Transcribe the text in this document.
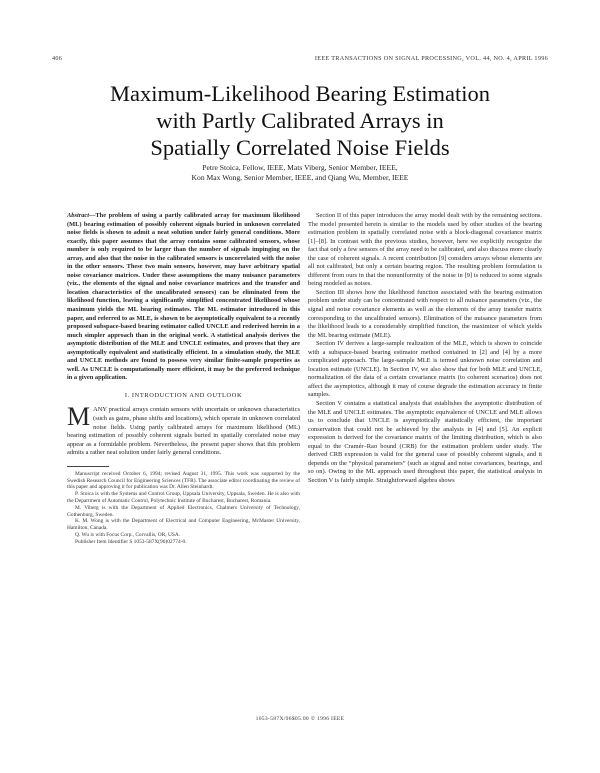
406	IEEE TRANSACTIONS ON SIGNAL PROCESSING, VOL. 44, NO. 4, APRIL 1996
Maximum-Likelihood Bearing Estimation
with Partly Calibrated Arrays in
Spatially Correlated Noise Fields
Petre Stoica, Fellow, IEEE, Mats Viberg, Senior Member, IEEE,
Kon Max Wong, Senior Member, IEEE, and Qiang Wu, Member, IEEE

Abstract—The problem of using a partly calibrated array for maximum likelihood (ML) bearing estimation of possibly coherent signals buried in unknown correlated noise fields is shown to admit a neat solution under fairly general conditions. More exactly, this paper assumes that the array contains some calibrated sensors, whose number is only required to be larger than the number of signals impinging on the array, and also that the noise in the calibrated sensors is uncorrelated with the noise in the other sensors. These two main sensors, however, may have arbitrary spatial noise covariance matrices. Under these assumptions the many nuisance parameters (viz., the elements of the signal and noise covariance matrices and the transfer and location characteristics of the uncalibrated sensors) can be eliminated from the likelihood function, leaving a significantly simplified concentrated likelihood whose maximum yields the ML bearing estimates. The ML estimator introduced in this paper, and referred to as MLE, is shown to be asymptotically equivalent to a recently proposed subspace-based bearing estimator called UNCLE and rederived herein in a much simpler approach than in the original work. A statistical analysis derives the asymptotic distribution of the MLE and UNCLE estimates, and proves that they are asymptotically equivalent and statistically efficient. In a simulation study, the MLE and UNCLE methods are found to possess very similar finite-sample properties as well. As UNCLE is computationally more efficient, it may be the preferred technique in a given application.

I. INTRODUCTION AND OUTLOOK

MANY practical arrays contain sensors with uncertain or unknown characteristics (such as gains, phase shifts and locations), which operate in unknown correlated noise fields. Using partly calibrated arrays for maximum likelihood (ML) bearing estimation of possibly coherent signals buried in spatially correlated noise may appear as a formidable problem. Nevertheless, the present paper shows that this problem admits a rather neat solution under fairly general conditions.

Manuscript received October 6, 1994; revised August 31, 1995. This work was supported by the Swedish Research Council for Engineering Sciences (TFR). The associate editor coordinating the review of this paper and approving it for publication was Dr. Allen Steinhardt.

P. Stoica is with the Systems and Control Group, Uppsala University, Uppsala, Sweden. He is also with the Department of Automatic Control, Polytechnic Institute of Bucharest, Bucharest, Romania.

M. Viberg is with the Department of Applied Electronics, Chalmers University of Technology, Gothenburg, Sweden.

K. M. Wong is with the Department of Electrical and Computer Engineering, McMaster University, Hamilton, Canada.

Q. Wu is with Focus Corp., Corvallis, OR, USA.

Publisher Item Identifier S 1053-587X(96)02774-0.

Section II of this paper introduces the array model dealt with by the remaining sections. The model presented herein is similar to the models used by other studies of the bearing estimation problem in spatially correlated noise with a block-diagonal covariance matrix [1]–[8]. In contrast with the previous studies, however, here we explicitly recognize the fact that only a few sensors of the array need to be calibrated, and also discuss more clearly the case of coherent signals. A recent contribution [9] considers arrays whose elements are all not calibrated, but only a certain bearing region. The resulting problem formulation is different from ours in that the nonuniformity of the noise in [9] is reduced to some signals being modeled as noises.

Section III shows how the likelihood function associated with the bearing estimation problem under study can be concentrated with respect to all nuisance parameters (viz., the signal and noise covariance elements as well as the elements of the array transfer matrix corresponding to the uncalibrated sensors). Elimination of the nuisance parameters from the likelihood leads to a considerably simplified function, the maximizer of which yields the ML bearing estimate (MLE).

Section IV derives a large-sample realization of the MLE, which is shown to coincide with a subspace-based bearing estimator method contained in [2] and [4] by a more complicated approach. The large-sample MLE is termed unknown noise correlation and location estimate (UNCLE). In Section IV, we also show that for both MLE and UNCLE, normalization of the data of a certain covariance matrix (to coherent scenarios) does not affect the asymptotics, although it may of course degrade the estimation accuracy in finite samples.

Section V contains a statistical analysis that establishes the asymptotic distribution of the MLE and UNCLE estimates. The asymptotic equivalence of UNCLE and MLE allows us to conclude that UNCLE is asymptotically statistically efficient, the important conservation that could not be achieved by the analysis in [4] and [5]. An explicit expression is derived for the covariance matrix of the limiting distribution, which is also equal to the Cramér–Rao bound (CRB) for the estimation problem under study. The derived CRB expression is valid for the general case of possibly coherent signals, and it depends on the “physical parameters” (such as signal and noise covariances, bearings, and so on). Owing to the ML approach used throughout this paper, the statistical analysis in Section V is fairly simple. Straightforward algebra shows

1053-587X/96$05.00 © 1996 IEEE
